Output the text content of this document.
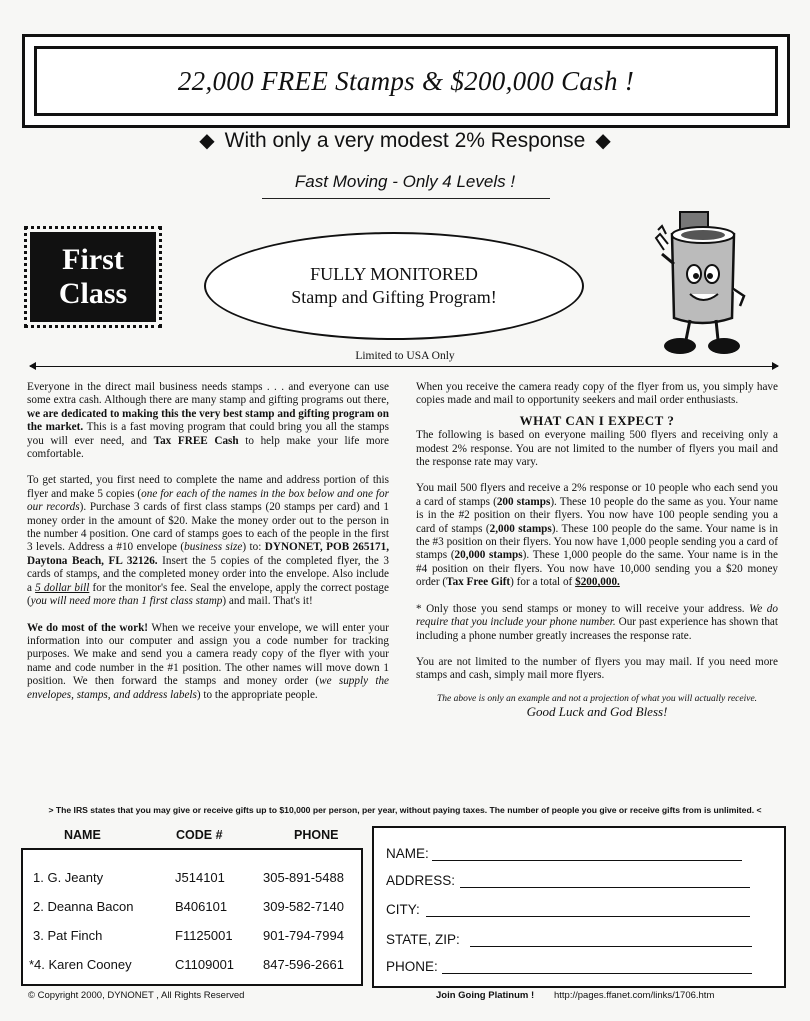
22,000 FREE Stamps & $200,000 Cash !
◆ With only a very modest 2% Response ◆
Fast Moving - Only 4 Levels !
First
Class
FULLY MONITORED
Stamp and Gifting Program!
Limited to USA Only

Everyone in the direct mail business needs stamps . . . and everyone can use some extra cash. Although there are many stamp and gifting programs out there, we are dedicated to making this the very best stamp and gifting program on the market. This is a fast moving program that could bring you all the stamps you will ever need, and Tax FREE Cash to help make your life more comfortable.

To get started, you first need to complete the name and address portion of this flyer and make 5 copies (one for each of the names in the box below and one for our records). Purchase 3 cards of first class stamps (20 stamps per card) and 1 money order in the amount of $20. Make the money order out to the person in the number 4 position. One card of stamps goes to each of the people in the first 3 levels. Address a #10 envelope (business size) to: DYNONET, POB 265171, Daytona Beach, FL 32126. Insert the 5 copies of the completed flyer, the 3 cards of stamps, and the completed money order into the envelope. Also include a 5 dollar bill for the monitor's fee. Seal the envelope, apply the correct postage (you will need more than 1 first class stamp) and mail. That's it!

We do most of the work! When we receive your envelope, we will enter your information into our computer and assign you a code number for tracking purposes. We make and send you a camera ready copy of the flyer with your name and code number in the #1 position. The other names will move down 1 position. We then forward the stamps and money order (we supply the envelopes, stamps, and address labels) to the appropriate people.

When you receive the camera ready copy of the flyer from us, you simply have copies made and mail to opportunity seekers and mail order enthusiasts.

WHAT CAN I EXPECT ?

The following is based on everyone mailing 500 flyers and receiving only a modest 2% response. You are not limited to the number of flyers you mail and the response rate may vary.

You mail 500 flyers and receive a 2% response or 10 people who each send you a card of stamps (200 stamps). These 10 people do the same as you. Your name is in the #2 position on their flyers. You now have 100 people sending you a card of stamps (2,000 stamps). These 100 people do the same. Your name is in the #3 position on their flyers. You now have 1,000 people sending you a card of stamps (20,000 stamps). These 1,000 people do the same. Your name is in the #4 position on their flyers. You now have 10,000 sending you a $20 money order (Tax Free Gift) for a total of $200,000.

* Only those you send stamps or money to will receive your address. We do require that you include your phone number. Our past experience has shown that including a phone number greatly increases the response rate.

You are not limited to the number of flyers you may mail. If you need more stamps and cash, simply mail more flyers.

The above is only an example and not a projection of what you will actually receive.

Good Luck and God Bless!

> The IRS states that you may give or receive gifts up to $10,000 per person, per year, without paying taxes. The number of people you give or receive gifts from is unlimited. <
NAME	CODE #	PHONE
1. G. Jeanty	J514101	305-891-5488
2. Deanna Bacon	B406101	309-582-7140
3. Pat Finch	F1125001 901-794-7994
*4. Karen Cooney	C1109001 847-596-2661
NAME:
ADDRESS:
CITY:
STATE, ZIP:
PHONE:
© Copyright 2000, DYNONET , All Rights Reserved	Join Going Platinum ! http://pages.ffanet.com/links/1706.htm
